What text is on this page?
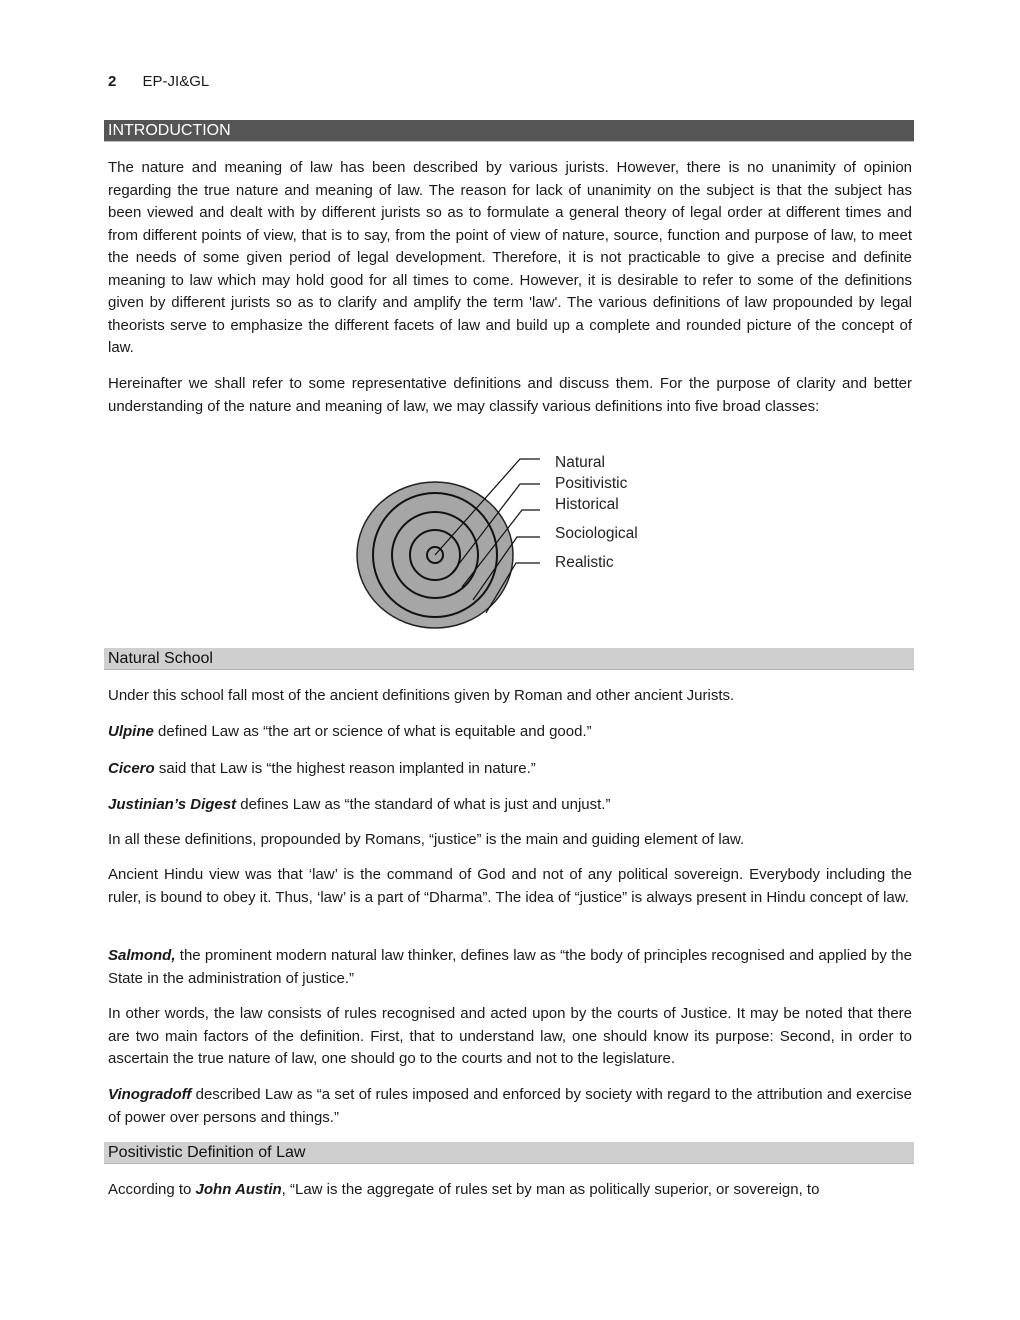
2 EP-JI&GL
INTRODUCTION

The nature and meaning of law has been described by various jurists. However, there is no unanimity of opinion regarding the true nature and meaning of law. The reason for lack of unanimity on the subject is that the subject has been viewed and dealt with by different jurists so as to formulate a general theory of legal order at different times and from different points of view, that is to say, from the point of view of nature, source, function and purpose of law, to meet the needs of some given period of legal development. Therefore, it is not practicable to give a precise and definite meaning to law which may hold good for all times to come. However, it is desirable to refer to some of the definitions given by different jurists so as to clarify and amplify the term 'law'. The various definitions of law propounded by legal theorists serve to emphasize the different facets of law and build up a complete and rounded picture of the concept of law.

Hereinafter we shall refer to some representative definitions and discuss them. For the purpose of clarity and better understanding of the nature and meaning of law, we may classify various definitions into five broad classes:

Natural
Positivistic
Historical
Sociological
Realistic
Natural School

Under this school fall most of the ancient definitions given by Roman and other ancient Jurists.

Ulpine defined Law as “the art or science of what is equitable and good.”

Cicero said that Law is “the highest reason implanted in nature.”

Justinian’s Digest defines Law as “the standard of what is just and unjust.”

In all these definitions, propounded by Romans, “justice” is the main and guiding element of law.

Ancient Hindu view was that ‘law’ is the command of God and not of any political sovereign. Everybody including the ruler, is bound to obey it. Thus, ‘law’ is a part of “Dharma”. The idea of “justice” is always present in Hindu concept of law.

Salmond, the prominent modern natural law thinker, defines law as “the body of principles recognised and applied by the State in the administration of justice.”

In other words, the law consists of rules recognised and acted upon by the courts of Justice. It may be noted that there are two main factors of the definition. First, that to understand law, one should know its purpose: Second, in order to ascertain the true nature of law, one should go to the courts and not to the legislature.

Vinogradoff described Law as “a set of rules imposed and enforced by society with regard to the attribution and exercise of power over persons and things.”

Positivistic Definition of Law

According to John Austin, “Law is the aggregate of rules set by man as politically superior, or sovereign, to
